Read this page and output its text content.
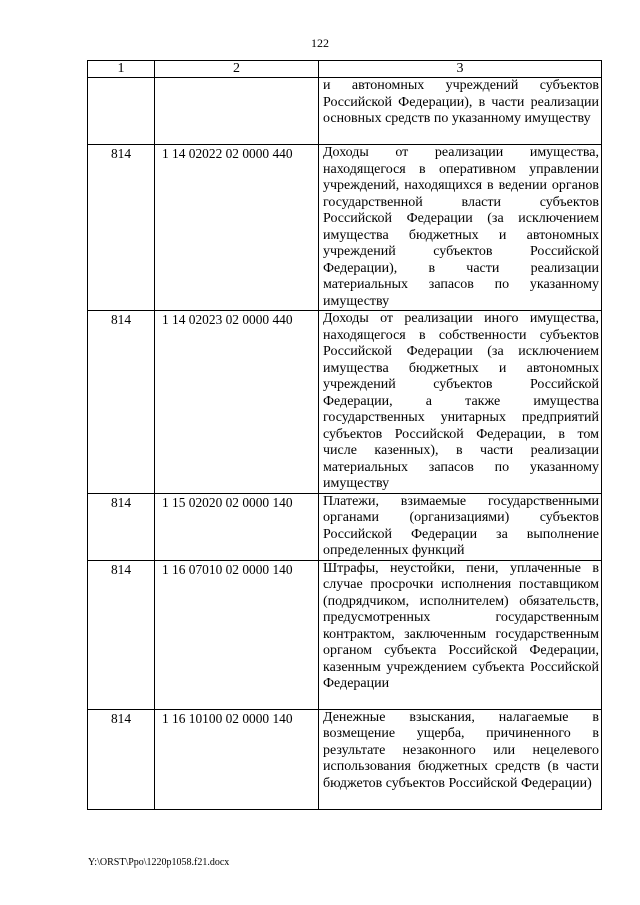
122
1	2	3
		и автономных учреждений субъектов Российской Федерации), в части реализации основных средств по указанному имуществу
814	1 14 02022 02 0000 440	Доходы от реализации имущества, находящегося в оперативном управлении учреждений, находящихся в ведении органов государственной власти субъектов Российской Федерации (за исключением имущества бюджетных и автономных учреждений субъектов Российской Федерации), в части реализации материальных запасов по указанному имуществу
814	1 14 02023 02 0000 440	Доходы от реализации иного имущества, находящегося в собственности субъектов Российской Федерации (за исключением имущества бюджетных и автономных учреждений субъектов Российской Федерации, а также имущества государственных унитарных предприятий субъектов Российской Федерации, в том числе казенных), в части реализации материальных запасов по указанному имуществу
814	1 15 02020 02 0000 140	Платежи, взимаемые государственными органами (организациями) субъектов Российской Федерации за выполнение определенных функций
814	1 16 07010 02 0000 140	Штрафы, неустойки, пени, уплаченные в случае просрочки исполнения поставщиком (подрядчиком, исполнителем) обязательств, предусмотренных государственным контрактом, заключенным государственным органом субъекта Российской Федерации, казенным учреждением субъекта Российской Федерации
814	1 16 10100 02 0000 140	Денежные взыскания, налагаемые в возмещение ущерба, причиненного в результате незаконного или нецелевого использования бюджетных средств (в части бюджетов субъектов Российской Федерации)
Y:\ORST\Ppo\1220p1058.f21.docx
